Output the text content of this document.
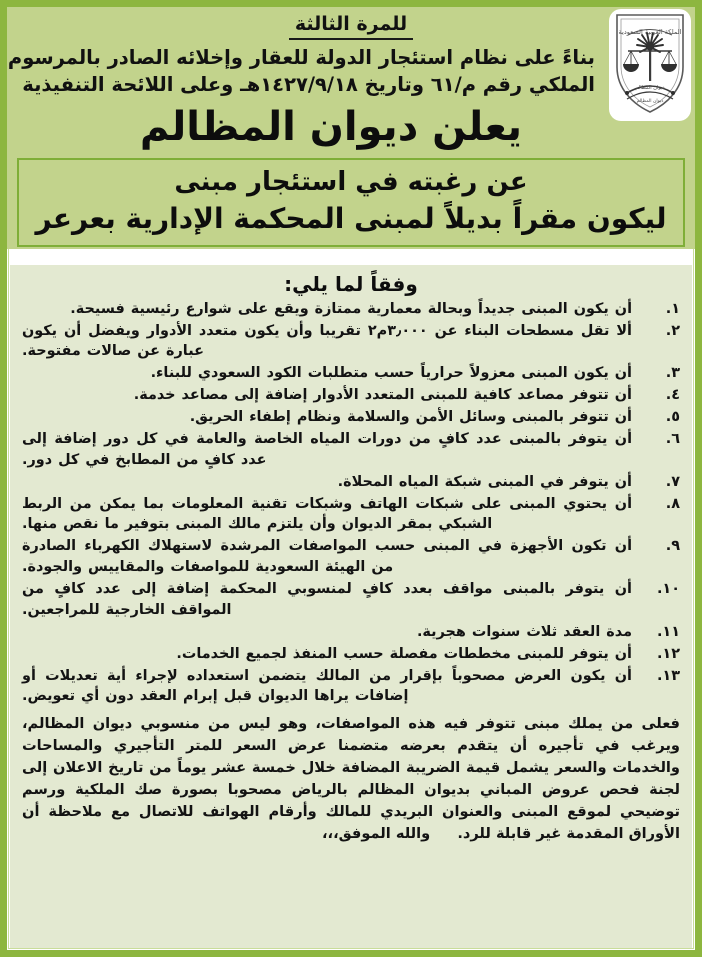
الملكة العربية السعودية
ديوان المظالم
ديوان المظالم
للمرة الثالثة
بناءً على نظام استئجار الدولة للعقار وإخلائه الصادر بالمرسوم
الملكي رقم م/٦١ وتاريخ ١٤٢٧/٩/١٨هـ وعلى اللائحة التنفيذية
يعلن ديوان المظالم
عن رغبته في استئجار مبنى
ليكون مقراً بديلاً لمبنى المحكمة الإدارية بعرعر
وفقاً لما يلي:
١.
أن يكون المبنى جديداً وبحالة معمارية ممتازة ويقع على شوارع رئيسية فسيحة.
٢.
ألا تقل مسطحات البناء عن ٣٫٠٠٠م٢ تقريبا وأن يكون متعدد الأدوار ويفضل أن يكون عبارة عن صالات مفتوحة.
٣.
أن يكون المبنى معزولاً حرارياً حسب متطلبات الكود السعودي للبناء.
٤.
أن تتوفر مصاعد كافية للمبنى المتعدد الأدوار إضافة إلى مصاعد خدمة.
٥.
أن تتوفر بالمبنى وسائل الأمن والسلامة ونظام إطفاء الحريق.
٦.
أن يتوفر بالمبنى عدد كافٍ من دورات المياه الخاصة والعامة في كل دور إضافة إلى عدد كافٍ من المطابخ في كل دور.
٧.
أن يتوفر في المبنى شبكة المياه المحلاة.
٨.
أن يحتوي المبنى على شبكات الهاتف وشبكات تقنية المعلومات بما يمكن من الربط الشبكي بمقر الديوان وأن يلتزم مالك المبنى بتوفير ما نقص منها.
٩.
أن تكون الأجهزة في المبنى حسب المواصفات المرشدة لاستهلاك الكهرباء الصادرة من الهيئة السعودية للمواصفات والمقاييس والجودة.
١٠.
أن يتوفر بالمبنى مواقف بعدد كافٍ لمنسوبي المحكمة إضافة إلى عدد كافٍ من المواقف الخارجية للمراجعين.
١١.
مدة العقد ثلاث سنوات هجرية.
١٢.
أن يتوفر للمبنى مخططات مفصلة حسب المنفذ لجميع الخدمات.
١٣.
أن يكون العرض مصحوباً بإقرار من المالك يتضمن استعداده لإجراء أية تعديلات أو إضافات يراها الديوان قبل إبرام العقد دون أي تعويض.
فعلى من يملك مبنى تتوفر فيه هذه المواصفات، وهو ليس من منسوبي ديوان المظالم، ويرغب في تأجيره أن يتقدم بعرضه متضمنا عرض السعر للمتر التأجيري والمساحات والخدمات والسعر يشمل قيمة الضريبة المضافة خلال خمسة عشر يوماً من تاريخ الاعلان إلى لجنة فحص عروض المباني بديوان المظالم بالرياض مصحوبا بصورة صك الملكية ورسم توضيحي لموقع المبنى والعنوان البريدي للمالك وأرقام الهواتف للاتصال مع ملاحظة أن الأوراق المقدمة غير قابلة للرد. والله الموفق،،،
